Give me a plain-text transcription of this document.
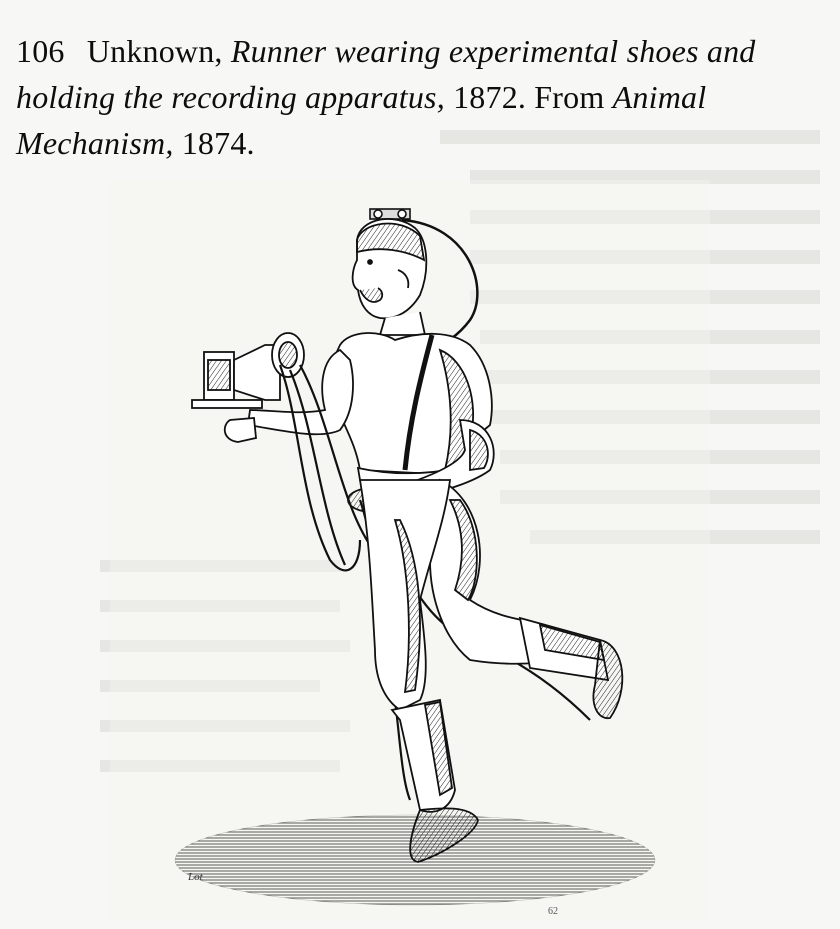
106 Unknown, Runner wearing experimental shoes and holding the recording apparatus, 1872. From Animal Mechanism, 1874.
Lot
62
